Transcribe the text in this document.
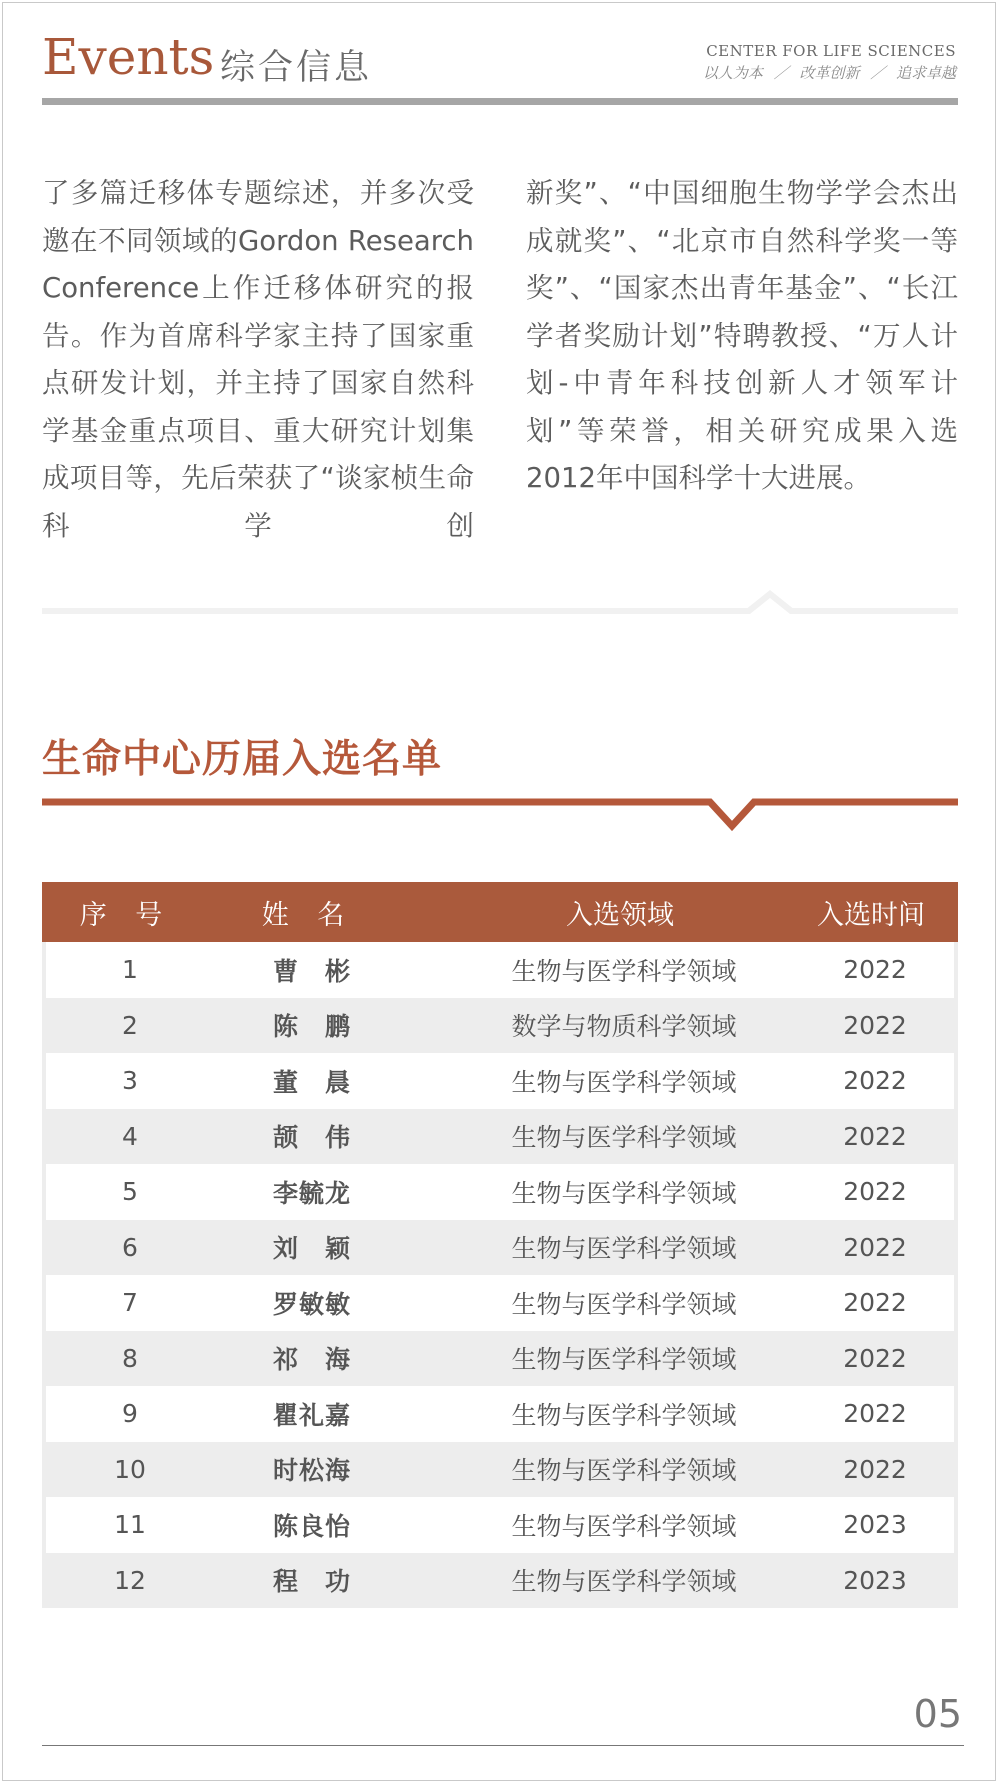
Events 综合信息	CENTER FOR LIFE SCIENCES
以人为本 ／ 改革创新 ／ 追求卓越
了多篇迁移体专题综述，并多次受邀在不同领域的Gordon Research Conference上作迁移体研究的报告。作为首席科学家主持了国家重点研发计划，并主持了国家自然科学基金重点项目、重大研究计划集成项目等，先后荣获了“谈家桢生命科学创
新奖”、“中国细胞生物学学会杰出成就奖”、“北京市自然科学奖一等奖”、“国家杰出青年基金”、“长江学者奖励计划”特聘教授、“万人计划-中青年科技创新人才领军计划”等荣誉，相关研究成果入选2012年中国科学十大进展。
生命中心历届入选名单
序 号	姓 名	入选领域	入选时间
1	曹　彬	生物与医学科学领域	2022
2	陈　鹏	数学与物质科学领域	2022
3	董　晨	生物与医学科学领域	2022
4	颉　伟	生物与医学科学领域	2022
5	李毓龙	生物与医学科学领域	2022
6	刘　颖	生物与医学科学领域	2022
7	罗敏敏	生物与医学科学领域	2022
8	祁　海	生物与医学科学领域	2022
9	瞿礼嘉	生物与医学科学领域	2022
10	时松海	生物与医学科学领域	2022
11	陈良怡	生物与医学科学领域	2023
12	程　功	生物与医学科学领域	2023
05
